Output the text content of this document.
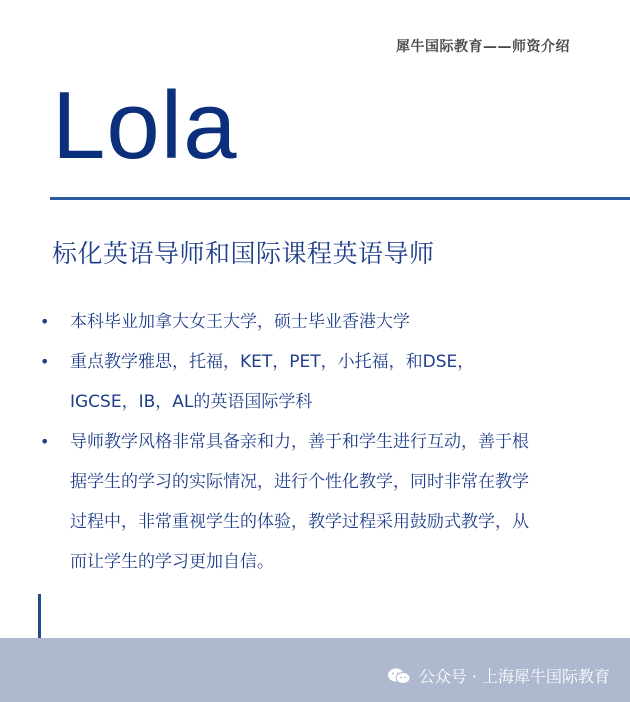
犀牛国际教育——师资介绍
Lola
标化英语导师和国际课程英语导师
• 本科毕业加拿大女王大学，硕士毕业香港大学
• 重点教学雅思，托福，KET，PET，小托福，和DSE，
IGCSE，IB，AL的英语国际学科
• 导师教学风格非常具备亲和力，善于和学生进行互动，善于根
据学生的学习的实际情况，进行个性化教学，同时非常在教学
过程中，非常重视学生的体验，教学过程采用鼓励式教学，从
而让学生的学习更加自信。
公众号 · 上海犀牛国际教育
